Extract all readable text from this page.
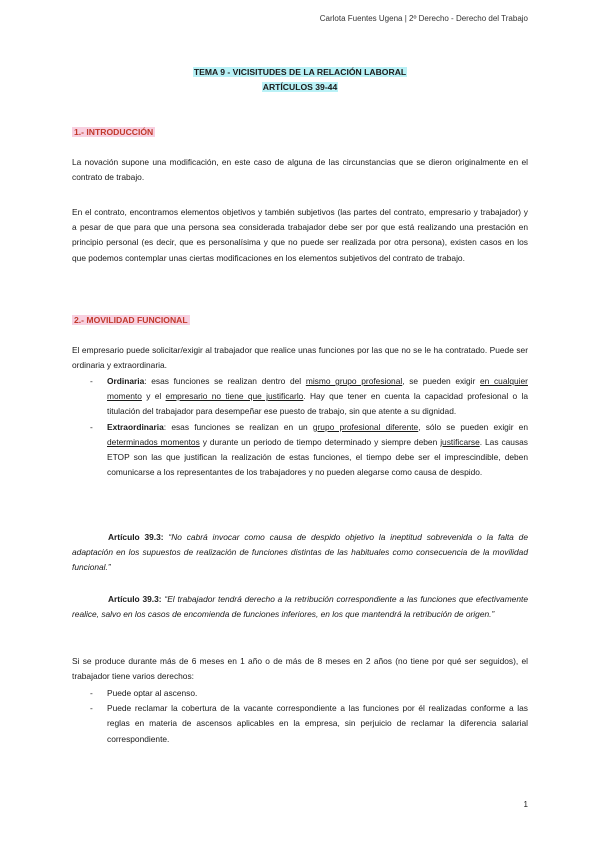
Carlota Fuentes Ugena | 2º Derecho - Derecho del Trabajo
TEMA 9 - VICISITUDES DE LA RELACIÓN LABORAL
ARTÍCULOS 39-44
1.- INTRODUCCIÓN
La novación supone una modificación, en este caso de alguna de las circunstancias que se dieron originalmente en el contrato de trabajo.
En el contrato, encontramos elementos objetivos y también subjetivos (las partes del contrato, empresario y trabajador) y a pesar de que para que una persona sea considerada trabajador debe ser por que está realizando una prestación en principio personal (es decir, que es personalísima y que no puede ser realizada por otra persona), existen casos en los que podemos contemplar unas ciertas modificaciones en los elementos subjetivos del contrato de trabajo.
2.- MOVILIDAD FUNCIONAL
El empresario puede solicitar/exigir al trabajador que realice unas funciones por las que no se le ha contratado. Puede ser ordinaria y extraordinaria.
- Ordinaria: esas funciones se realizan dentro del mismo grupo profesional, se pueden exigir en cualquier momento y el empresario no tiene que justificarlo. Hay que tener en cuenta la capacidad profesional o la titulación del trabajador para desempeñar ese puesto de trabajo, sin que atente a su dignidad.
- Extraordinaria: esas funciones se realizan en un grupo profesional diferente, sólo se pueden exigir en determinados momentos y durante un periodo de tiempo determinado y siempre deben justificarse. Las causas ETOP son las que justifican la realización de estas funciones, el tiempo debe ser el imprescindible, deben comunicarse a los representantes de los trabajadores y no pueden alegarse como causa de despido.
Artículo 39.3: “No cabrá invocar como causa de despido objetivo la ineptitud sobrevenida o la falta de adaptación en los supuestos de realización de funciones distintas de las habituales como consecuencia de la movilidad funcional.”
Artículo 39.3: “El trabajador tendrá derecho a la retribución correspondiente a las funciones que efectivamente realice, salvo en los casos de encomienda de funciones inferiores, en los que mantendrá la retribución de origen.”
Si se produce durante más de 6 meses en 1 año o de más de 8 meses en 2 años (no tiene por qué ser seguidos), el trabajador tiene varios derechos:
- Puede optar al ascenso.
- Puede reclamar la cobertura de la vacante correspondiente a las funciones por él realizadas conforme a las reglas en materia de ascensos aplicables en la empresa, sin perjuicio de reclamar la diferencia salarial correspondiente.
1
